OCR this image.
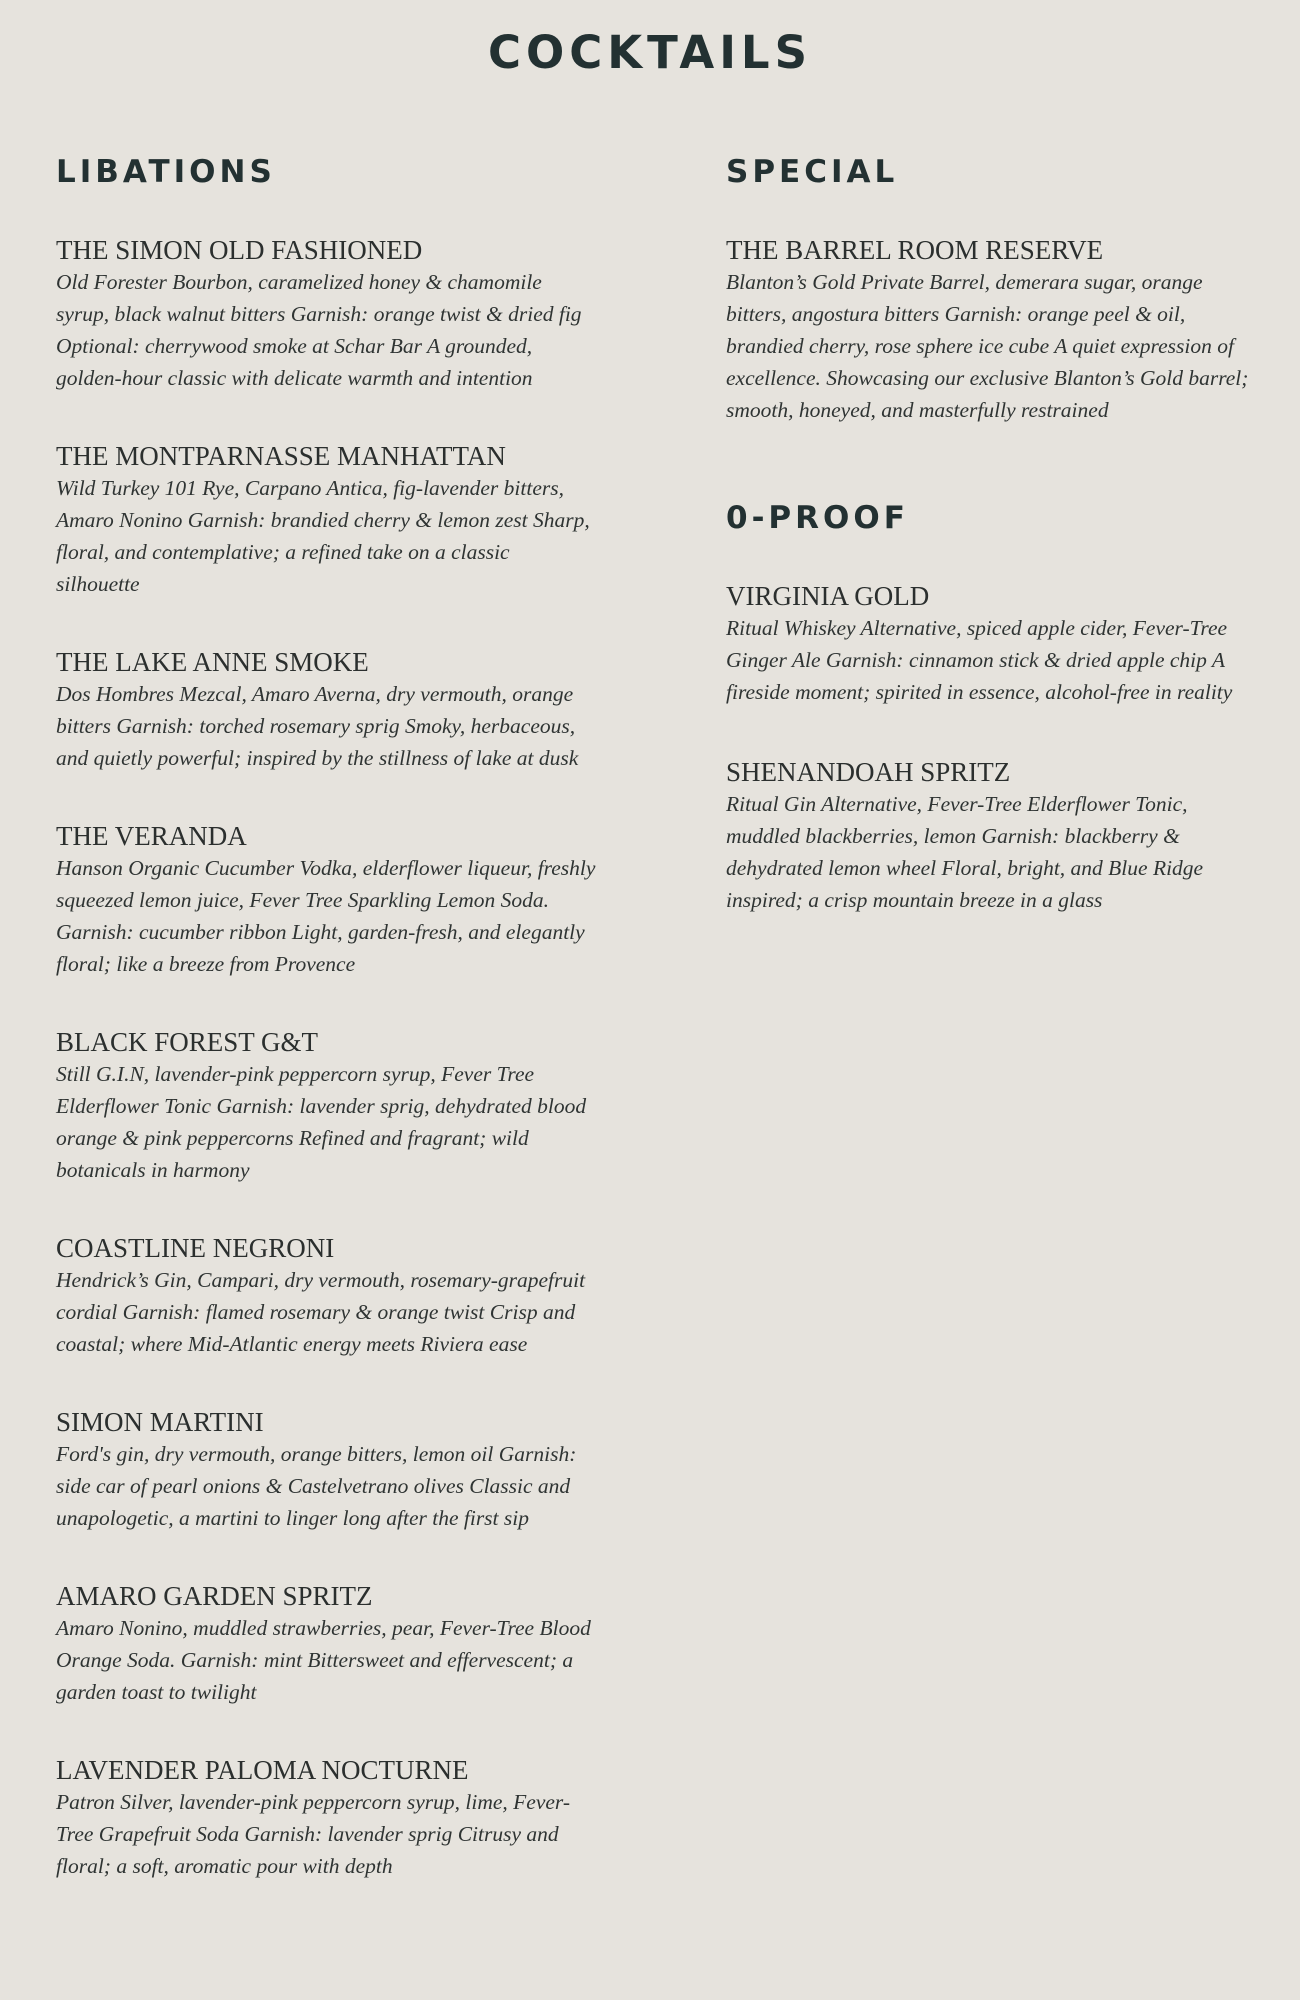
COCKTAILS
LIBATIONS
THE SIMON OLD FASHIONED

Old Forester Bourbon, caramelized honey & chamomile syrup, black walnut bitters Garnish: orange twist & dried fig Optional: cherrywood smoke at Schar Bar A grounded, golden-hour classic with delicate warmth and intention

THE MONTPARNASSE MANHATTAN

Wild Turkey 101 Rye, Carpano Antica, fig-lavender bitters, Amaro Nonino Garnish: brandied cherry & lemon zest Sharp, floral, and contemplative; a refined take on a classic silhouette

THE LAKE ANNE SMOKE

Dos Hombres Mezcal, Amaro Averna, dry vermouth, orange bitters Garnish: torched rosemary sprig Smoky, herbaceous, and quietly powerful; inspired by the stillness of lake at dusk

THE VERANDA

Hanson Organic Cucumber Vodka, elderflower liqueur, freshly squeezed lemon juice, Fever Tree Sparkling Lemon Soda. Garnish: cucumber ribbon Light, garden-fresh, and elegantly floral; like a breeze from Provence

BLACK FOREST G&T

Still G.I.N, lavender-pink peppercorn syrup, Fever Tree Elderflower Tonic Garnish: lavender sprig, dehydrated blood orange & pink peppercorns Refined and fragrant; wild botanicals in harmony

COASTLINE NEGRONI

Hendrick’s Gin, Campari, dry vermouth, rosemary-grapefruit cordial Garnish: flamed rosemary & orange twist Crisp and coastal; where Mid-Atlantic energy meets Riviera ease

SIMON MARTINI

Ford's gin, dry vermouth, orange bitters, lemon oil Garnish: side car of pearl onions & Castelvetrano olives Classic and unapologetic, a martini to linger long after the first sip

AMARO GARDEN SPRITZ

Amaro Nonino, muddled strawberries, pear, Fever-Tree Blood Orange Soda. Garnish: mint Bittersweet and effervescent; a garden toast to twilight

LAVENDER PALOMA NOCTURNE

Patron Silver, lavender-pink peppercorn syrup, lime, Fever-Tree Grapefruit Soda Garnish: lavender sprig Citrusy and floral; a soft, aromatic pour with depth

SPECIAL
THE BARREL ROOM RESERVE

Blanton’s Gold Private Barrel, demerara sugar, orange bitters, angostura bitters Garnish: orange peel & oil, brandied cherry, rose sphere ice cube A quiet expression of excellence. Showcasing our exclusive Blanton’s Gold barrel; smooth, honeyed, and masterfully restrained

0-PROOF
VIRGINIA GOLD

Ritual Whiskey Alternative, spiced apple cider, Fever-Tree Ginger Ale Garnish: cinnamon stick & dried apple chip A fireside moment; spirited in essence, alcohol-free in reality

SHENANDOAH SPRITZ

Ritual Gin Alternative, Fever-Tree Elderflower Tonic, muddled blackberries, lemon Garnish: blackberry & dehydrated lemon wheel Floral, bright, and Blue Ridge inspired; a crisp mountain breeze in a glass
